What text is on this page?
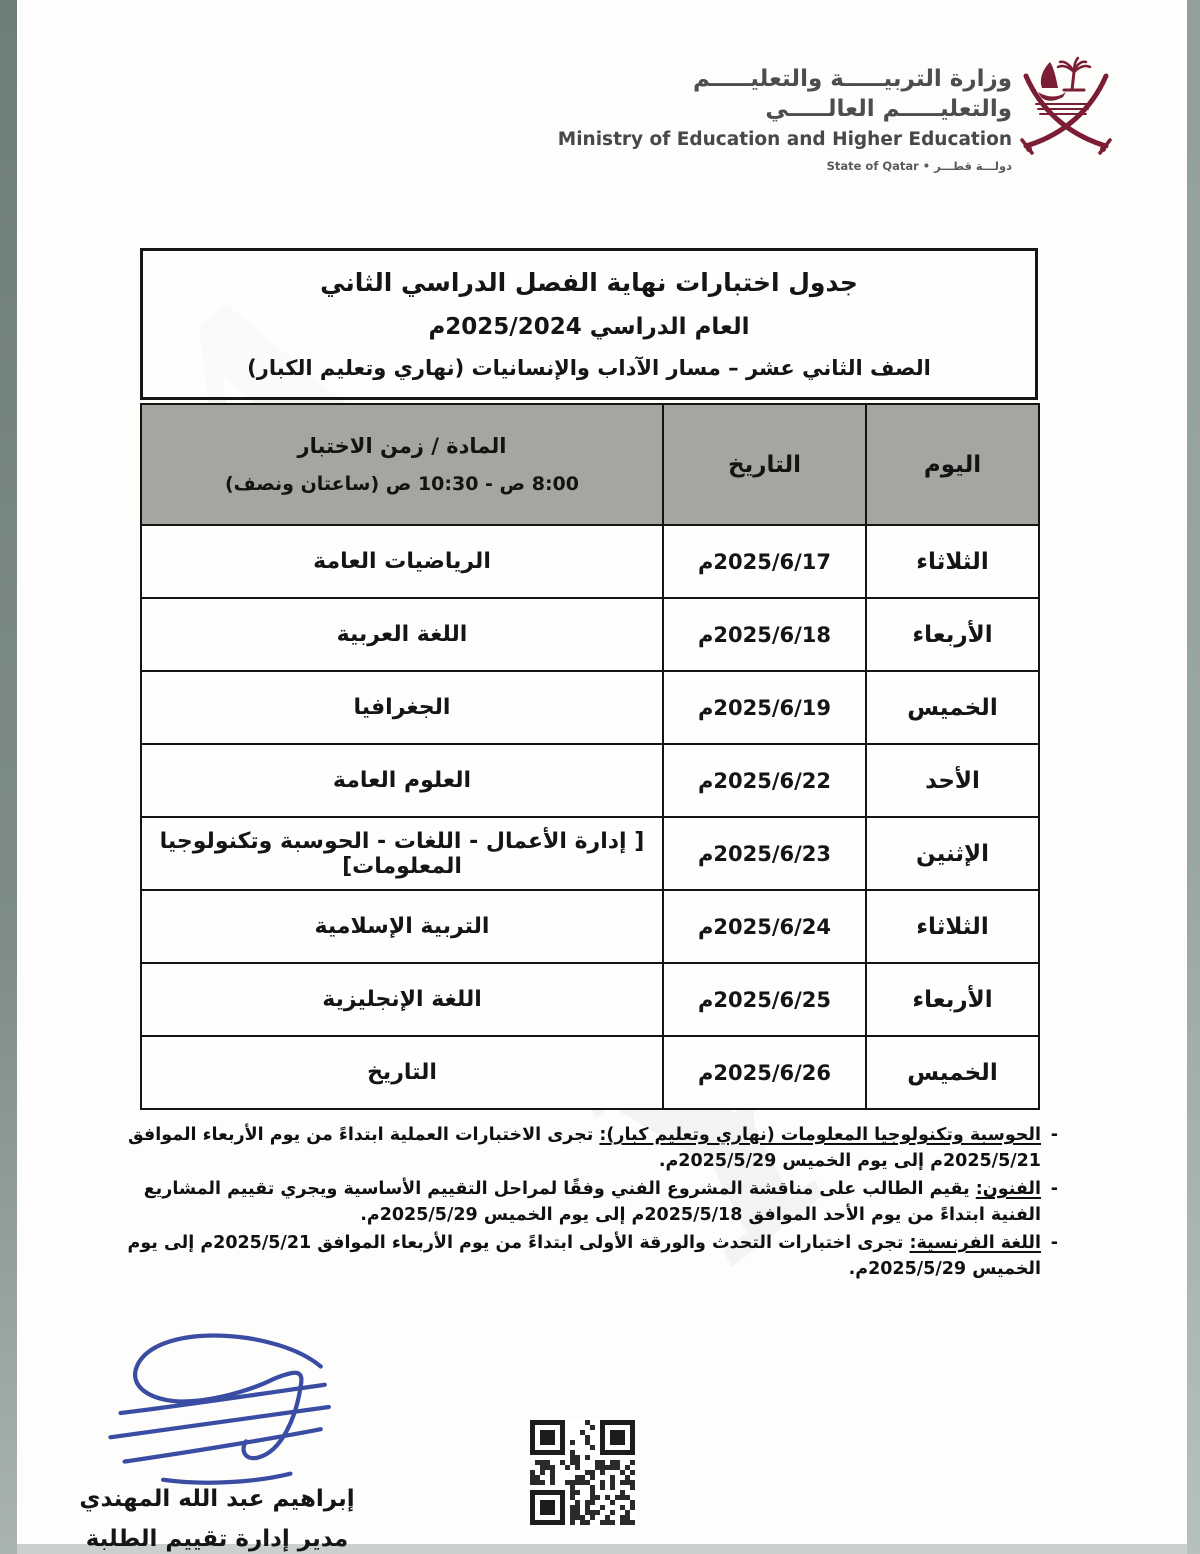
وزارة التربيـــــة والتعليـــــم والتعليـــــم العالـــــي
Ministry of Education and Higher Education
State of Qatar • دولـــة قطـــر
جدول اختبارات نهاية الفصل الدراسي الثاني
العام الدراسي 2025/2024م
الصف الثاني عشر – مسار الآداب والإنسانيات (نهاري وتعليم الكبار)
اليوم	التاريخ	المادة / زمن الاختبار
8:00 ص - 10:30 ص (ساعتان ونصف)

الثلاثاء	2025/6/17م	الرياضيات العامة
الأربعاء	2025/6/18م	اللغة العربية
الخميس	2025/6/19م	الجغرافيا
الأحد	2025/6/22م	العلوم العامة
الإثنين	2025/6/23م	[ إدارة الأعمال - اللغات - الحوسبة وتكنولوجيا المعلومات]
الثلاثاء	2025/6/24م	التربية الإسلامية
الأربعاء	2025/6/25م	اللغة الإنجليزية
الخميس	2025/6/26م	التاريخ
-
الحوسبة وتكنولوجيا المعلومات (نهاري وتعليم كبار): تجرى الاختبارات العملية ابتداءً من يوم الأربعاء الموافق 2025/5/21م إلى يوم الخميس 2025/5/29م.
-
الفنون: يقيم الطالب على مناقشة المشروع الفني وفقًا لمراحل التقييم الأساسية ويجري تقييم المشاريع الفنية ابتداءً من يوم الأحد الموافق 2025/5/18م إلى يوم الخميس 2025/5/29م.
-
اللغة الفرنسية: تجرى اختبارات التحدث والورقة الأولى ابتداءً من يوم الأربعاء الموافق 2025/5/21م إلى يوم الخميس 2025/5/29م.
إبراهيم عبد الله المهندي
مدير إدارة تقييم الطلبة
